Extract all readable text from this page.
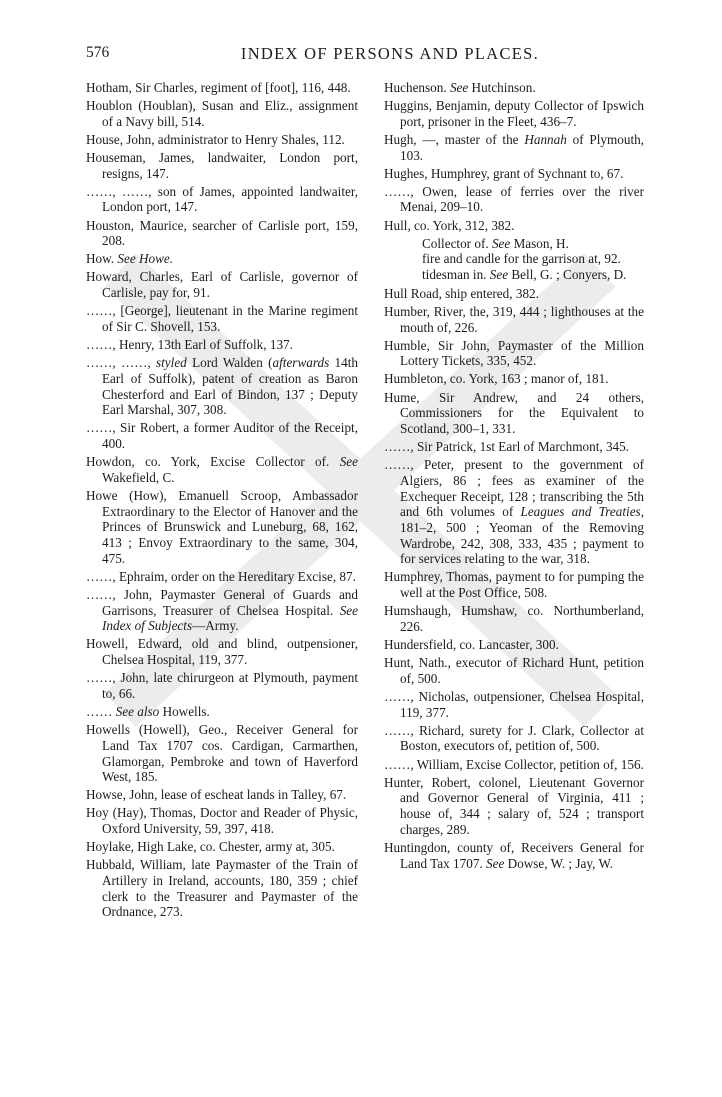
576	INDEX OF PERSONS AND PLACES.
Hotham, Sir Charles, regiment of [foot], 116, 448.
Houblon (Houblan), Susan and Eliz., assignment of a Navy bill, 514.
House, John, administrator to Henry Shales, 112.
Houseman, James, landwaiter, London port, resigns, 147.
……, ……, son of James, appointed landwaiter, London port, 147.
Houston, Maurice, searcher of Carlisle port, 159, 208.
How. See Howe.
Howard, Charles, Earl of Carlisle, governor of Carlisle, pay for, 91.
……, [George], lieutenant in the Marine regiment of Sir C. Shovell, 153.
……, Henry, 13th Earl of Suffolk, 137.
……, ……, styled Lord Walden (afterwards 14th Earl of Suffolk), patent of creation as Baron Chesterford and Earl of Bindon, 137 ; Deputy Earl Marshal, 307, 308.
……, Sir Robert, a former Auditor of the Receipt, 400.
Howdon, co. York, Excise Collector of. See Wakefield, C.
Howe (How), Emanuell Scroop, Ambassador Extraordinary to the Elector of Hanover and the Princes of Brunswick and Luneburg, 68, 162, 413 ; Envoy Extraordinary to the same, 304, 475.
……, Ephraim, order on the Hereditary Excise, 87.
……, John, Paymaster General of Guards and Garrisons, Treasurer of Chelsea Hospital. See Index of Subjects—Army.
Howell, Edward, old and blind, outpensioner, Chelsea Hospital, 119, 377.
……, John, late chirurgeon at Plymouth, payment to, 66.
…… See also Howells.
Howells (Howell), Geo., Receiver General for Land Tax 1707 cos. Cardigan, Carmarthen, Glamorgan, Pembroke and town of Haverford West, 185.
Howse, John, lease of escheat lands in Talley, 67.
Hoy (Hay), Thomas, Doctor and Reader of Physic, Oxford University, 59, 397, 418.
Hoylake, High Lake, co. Chester, army at, 305.
Hubbald, William, late Paymaster of the Train of Artillery in Ireland, accounts, 180, 359 ; chief clerk to the Treasurer and Paymaster of the Ordnance, 273.
Huchenson. See Hutchinson.
Huggins, Benjamin, deputy Collector of Ipswich port, prisoner in the Fleet, 436–7.
Hugh, —, master of the Hannah of Plymouth, 103.
Hughes, Humphrey, grant of Sychnant to, 67.
……, Owen, lease of ferries over the river Menai, 209–10.
Hull, co. York, 312, 382.
Collector of. See Mason, H.
fire and candle for the garrison at, 92.
tidesman in. See Bell, G. ; Conyers, D.
Hull Road, ship entered, 382.
Humber, River, the, 319, 444 ; lighthouses at the mouth of, 226.
Humble, Sir John, Paymaster of the Million Lottery Tickets, 335, 452.
Humbleton, co. York, 163 ; manor of, 181.
Hume, Sir Andrew, and 24 others, Commissioners for the Equivalent to Scotland, 300–1, 331.
……, Sir Patrick, 1st Earl of Marchmont, 345.
……, Peter, present to the government of Algiers, 86 ; fees as examiner of the Exchequer Receipt, 128 ; transcribing the 5th and 6th volumes of Leagues and Treaties, 181–2, 500 ; Yeoman of the Removing Wardrobe, 242, 308, 333, 435 ; payment to for services relating to the war, 318.
Humphrey, Thomas, payment to for pumping the well at the Post Office, 508.
Humshaugh, Humshaw, co. Northumberland, 226.
Hundersfield, co. Lancaster, 300.
Hunt, Nath., executor of Richard Hunt, petition of, 500.
……, Nicholas, outpensioner, Chelsea Hospital, 119, 377.
……, Richard, surety for J. Clark, Collector at Boston, executors of, petition of, 500.
……, William, Excise Collector, petition of, 156.
Hunter, Robert, colonel, Lieutenant Governor and Governor General of Virginia, 411 ; house of, 344 ; salary of, 524 ; transport charges, 289.
Huntingdon, county of, Receivers General for Land Tax 1707. See Dowse, W. ; Jay, W.
